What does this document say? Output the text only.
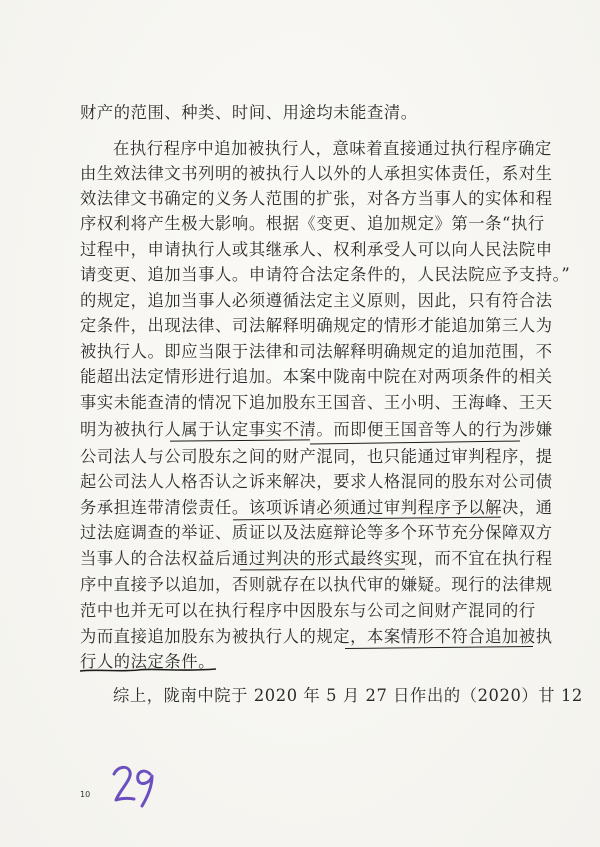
财产的范围、种类、时间、用途均未能查清。
在执行程序中追加被执行人，意味着直接通过执行程序确定
由生效法律文书列明的被执行人以外的人承担实体责任，系对生
效法律文书确定的义务人范围的扩张，对各方当事人的实体和程
序权利将产生极大影响。根据《变更、追加规定》第一条“执行
过程中，申请执行人或其继承人、权利承受人可以向人民法院申
请变更、追加当事人。申请符合法定条件的，人民法院应予支持。”
的规定，追加当事人必须遵循法定主义原则，因此，只有符合法
定条件，出现法律、司法解释明确规定的情形才能追加第三人为
被执行人。即应当限于法律和司法解释明确规定的追加范围，不
能超出法定情形进行追加。本案中陇南中院在对两项条件的相关
事实未能查清的情况下追加股东王国音、王小明、王海峰、王天
明为被执行人属于认定事实不清。而即便王国音等人的行为涉嫌
公司法人与公司股东之间的财产混同，也只能通过审判程序，提
起公司法人人格否认之诉来解决，要求人格混同的股东对公司债
务承担连带清偿责任。该项诉请必须通过审判程序予以解决，通
过法庭调查的举证、质证以及法庭辩论等多个环节充分保障双方
当事人的合法权益后通过判决的形式最终实现，而不宜在执行程
序中直接予以追加，否则就存在以执代审的嫌疑。现行的法律规
范中也并无可以在执行程序中因股东与公司之间财产混同的行
为而直接追加股东为被执行人的规定，本案情形不符合追加被执
行人的法定条件。
综上，陇南中院于 2020 年 5 月 27 日作出的（2020）甘 12
10
